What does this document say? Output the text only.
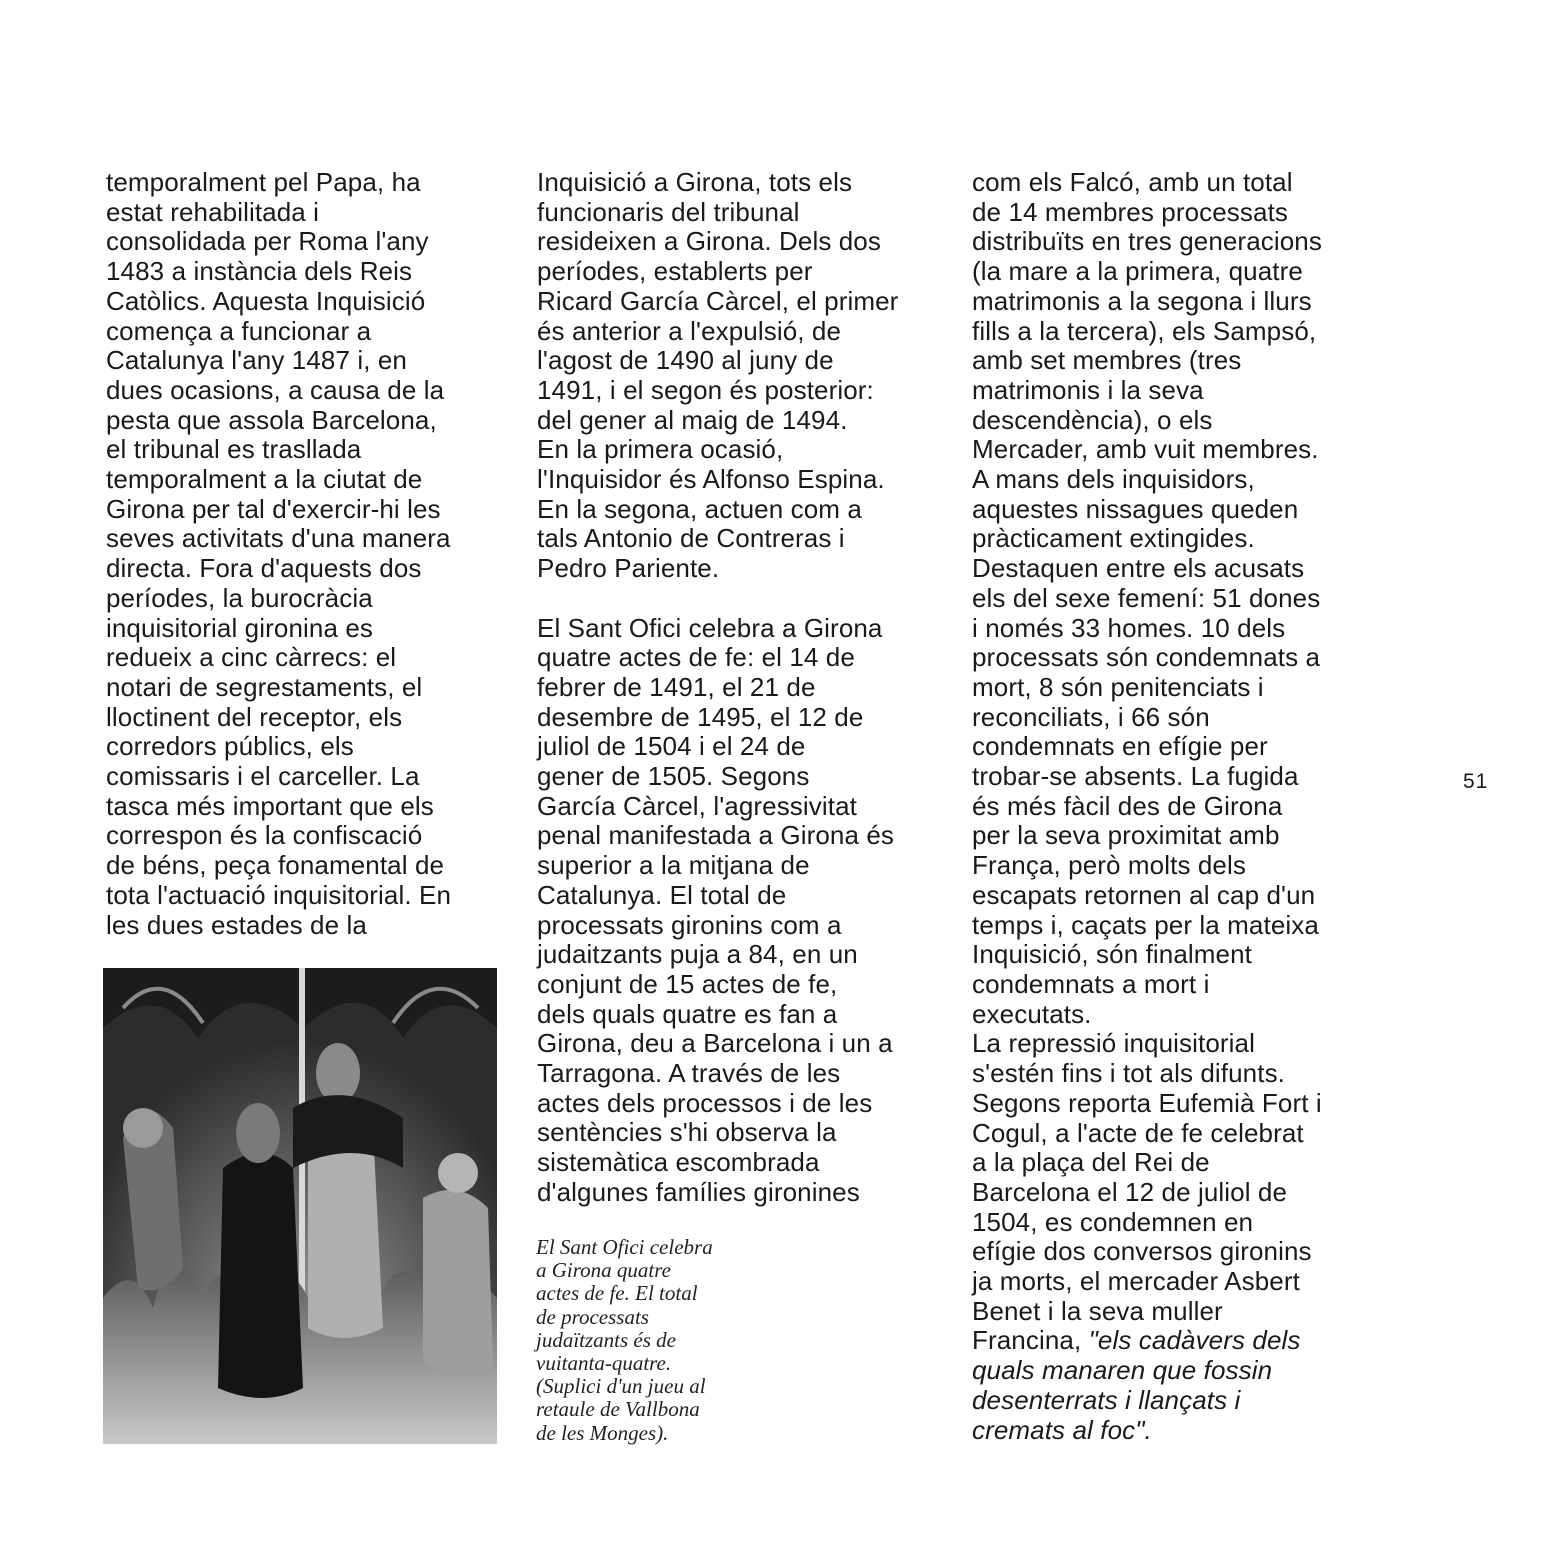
temporalment pel Papa, ha
estat rehabilitada i
consolidada per Roma l'any
1483 a instància dels Reis
Catòlics. Aquesta Inquisició
comença a funcionar a
Catalunya l'any 1487 i, en
dues ocasions, a causa de la
pesta que assola Barcelona,
el tribunal es trasllada
temporalment a la ciutat de
Girona per tal d'exercir-hi les
seves activitats d'una manera
directa. Fora d'aquests dos
períodes, la burocràcia
inquisitorial gironina es
redueix a cinc càrrecs: el
notari de segrestaments, el
lloctinent del receptor, els
corredors públics, els
comissaris i el carceller. La
tasca més important que els
correspon és la confiscació
de béns, peça fonamental de
tota l'actuació inquisitorial. En
les dues estades de la
Inquisició a Girona, tots els
funcionaris del tribunal
resideixen a Girona. Dels dos
períodes, establerts per
Ricard García Càrcel, el primer
és anterior a l'expulsió, de
l'agost de 1490 al juny de
1491, i el segon és posterior:
del gener al maig de 1494.
En la primera ocasió,
l'Inquisidor és Alfonso Espina.
En la segona, actuen com a
tals Antonio de Contreras i
Pedro Pariente.
El Sant Ofici celebra a Girona
quatre actes de fe: el 14 de
febrer de 1491, el 21 de
desembre de 1495, el 12 de
juliol de 1504 i el 24 de
gener de 1505. Segons
García Càrcel, l'agressivitat
penal manifestada a Girona és
superior a la mitjana de
Catalunya. El total de
processats gironins com a
judaitzants puja a 84, en un
conjunt de 15 actes de fe,
dels quals quatre es fan a
Girona, deu a Barcelona i un a
Tarragona. A través de les
actes dels processos i de les
sentències s'hi observa la
sistemàtica escombrada
d'algunes famílies gironines
El Sant Ofici celebra
a Girona quatre
actes de fe. El total
de processats
judaïtzants és de
vuitanta-quatre.
(Suplici d'un jueu al
retaule de Vallbona
de les Monges).
com els Falcó, amb un total
de 14 membres processats
distribuïts en tres generacions
(la mare a la primera, quatre
matrimonis a la segona i llurs
fills a la tercera), els Sampsó,
amb set membres (tres
matrimonis i la seva
descendència), o els
Mercader, amb vuit membres.
A mans dels inquisidors,
aquestes nissagues queden
pràcticament extingides.
Destaquen entre els acusats
els del sexe femení: 51 dones
i només 33 homes. 10 dels
processats són condemnats a
mort, 8 són penitenciats i
reconciliats, i 66 són
condemnats en efígie per
trobar-se absents. La fugida
és més fàcil des de Girona
per la seva proximitat amb
França, però molts dels
escapats retornen al cap d'un
temps i, caçats per la mateixa
Inquisició, són finalment
condemnats a mort i
executats.
La repressió inquisitorial
s'estén fins i tot als difunts.
Segons reporta Eufemià Fort i
Cogul, a l'acte de fe celebrat
a la plaça del Rei de
Barcelona el 12 de juliol de
1504, es condemnen en
efígie dos conversos gironins
ja morts, el mercader Asbert
Benet i la seva muller
Francina, "els cadàvers dels
quals manaren que fossin
desenterrats i llançats i
cremats al foc".
51
